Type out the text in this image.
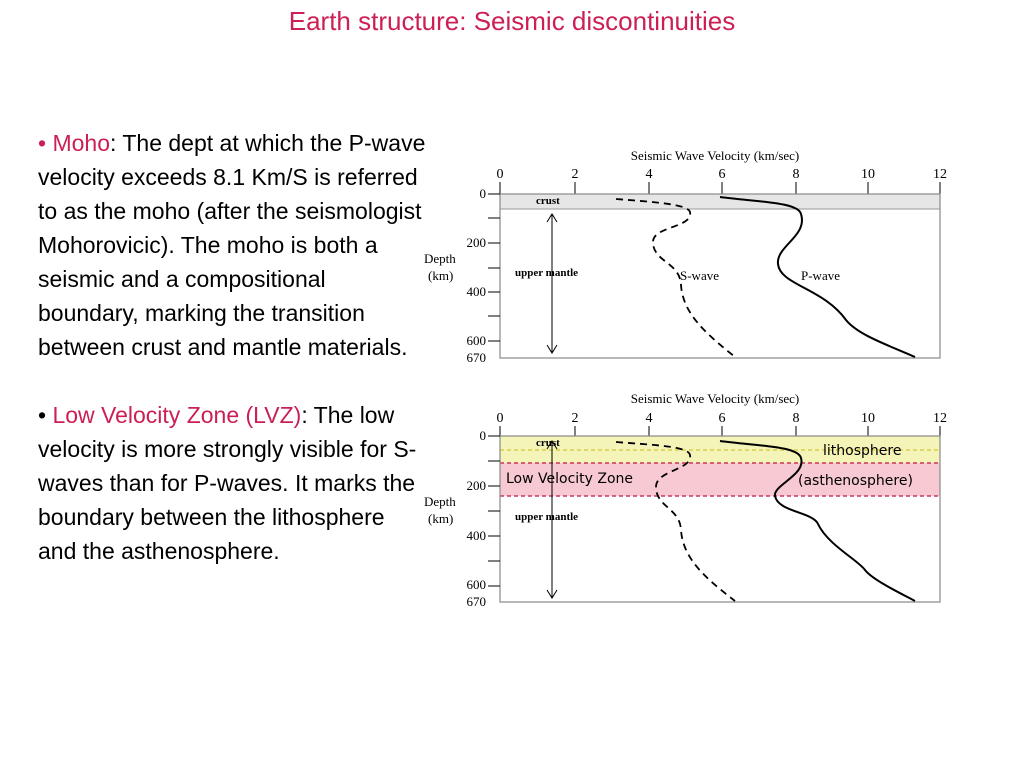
Earth structure: Seismic discontinuities

• Moho: The dept at which the P-wave velocity exceeds 8.1 Km/S is referred to as the moho (after the seismologist Mohorovicic). The moho is both a seismic and a compositional boundary, marking the transition between crust and mantle materials.

• Low Velocity Zone (LVZ): The low velocity is more strongly visible for S-waves than for P-waves. It marks the boundary between the lithosphere and the asthenosphere.

Seismic Wave Velocity (km/sec)
0	2	4	6	8	10	12
0
200
400
600
670
Depth
(km)
crust
upper mantle	S-wave	P-wave
Seismic Wave Velocity (km/sec)
0	2	4	6	8	10	12
0
200
400
600
670
Depth
(km)
crust
upper mantle
Low Velocity Zone
lithosphere
(asthenosphere)
